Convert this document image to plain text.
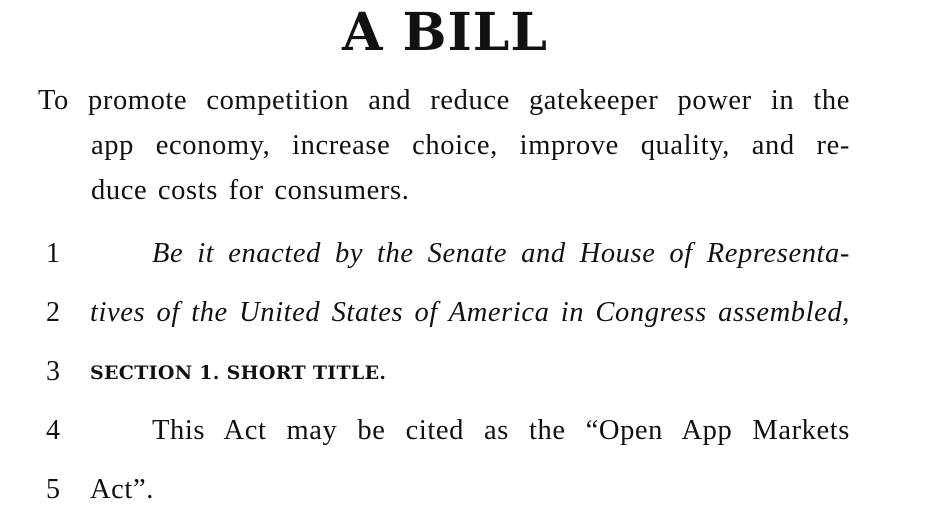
A BILL
To promote competition and reduce gatekeeper power in the
app economy, increase choice, improve quality, and re-
duce costs for consumers.
1	Be it enacted by the Senate and House of Representa-
2 tives of the United States of America in Congress assembled,
3	SECTION 1. SHORT TITLE.
4	This Act may be cited as the “Open App Markets
5 Act”.
